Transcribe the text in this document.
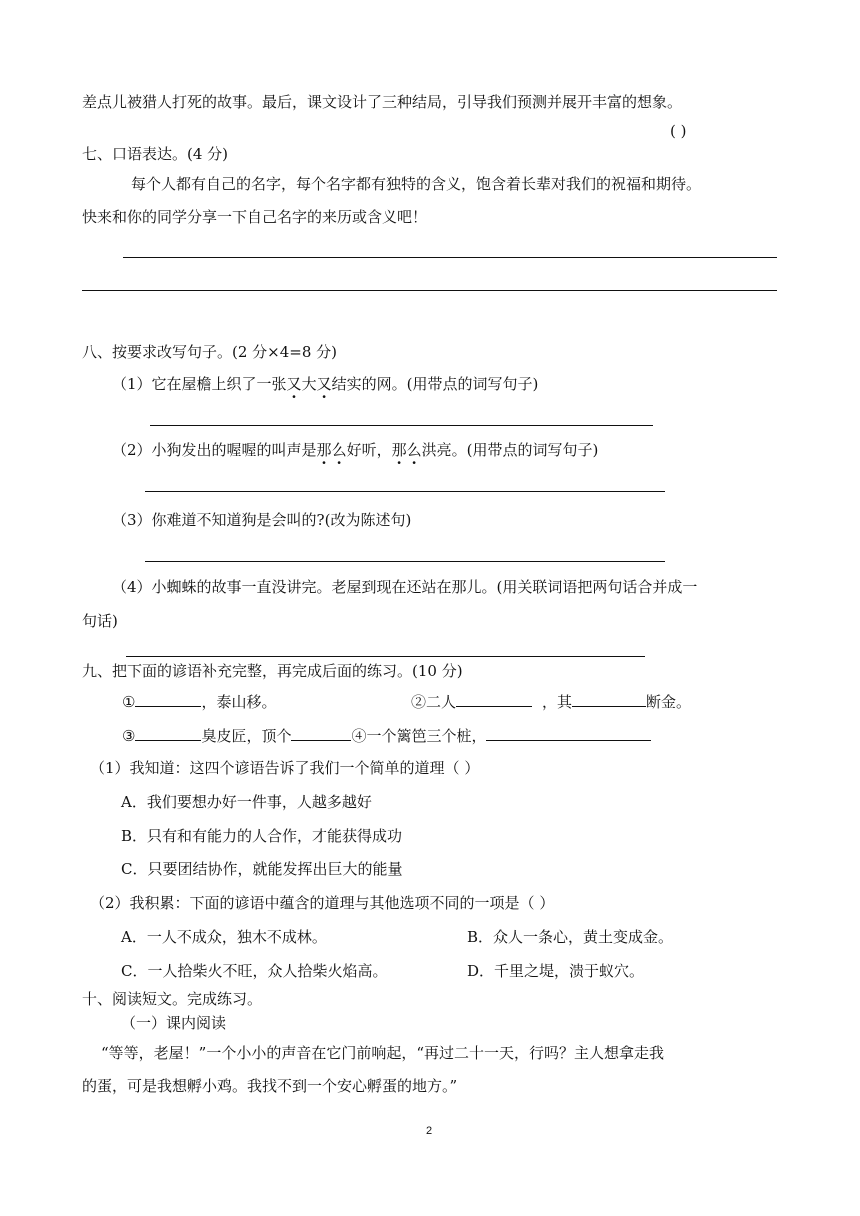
差点儿被猎人打死的故事。最后，课文设计了三种结局，引导我们预测并展开丰富的想象。
( )
七、口语表达。(4 分)
每个人都有自己的名字，每个名字都有独特的含义，饱含着长辈对我们的祝福和期待。
快来和你的同学分享一下自己名字的来历或含义吧！
八、按要求改写句子。(2 分×4=8 分)
（1）它在屋檐上织了一张又大又结实的网。(用带点的词写句子)
（2）小狗发出的喔喔的叫声是那么好听，那么洪亮。(用带点的词写句子)
（3）你难道不知道狗是会叫的?(改为陈述句)
（4）小蜘蛛的故事一直没讲完。老屋到现在还站在那儿。(用关联词语把两句话合并成一
句话)
九、把下面的谚语补充完整，再完成后面的练习。(10 分)
①	，泰山移。	②二人	，其	断金。
③	臭皮匠，顶个	④一个篱笆三个桩，
（1）我知道：这四个谚语告诉了我们一个简单的道理（ ）
A．我们要想办好一件事，人越多越好
B．只有和有能力的人合作，才能获得成功
C．只要团结协作，就能发挥出巨大的能量
（2）我积累：下面的谚语中蕴含的道理与其他选项不同的一项是（ ）
A．一人不成众，独木不成林。	B．众人一条心，黄土变成金。
C．一人拾柴火不旺，众人拾柴火焰高。	D．千里之堤，溃于蚁穴。
十、阅读短文。完成练习。
（一）课内阅读
“等等，老屋！”一个小小的声音在它门前响起，“再过二十一天，行吗？主人想拿走我
的蛋，可是我想孵小鸡。我找不到一个安心孵蛋的地方。”
2
